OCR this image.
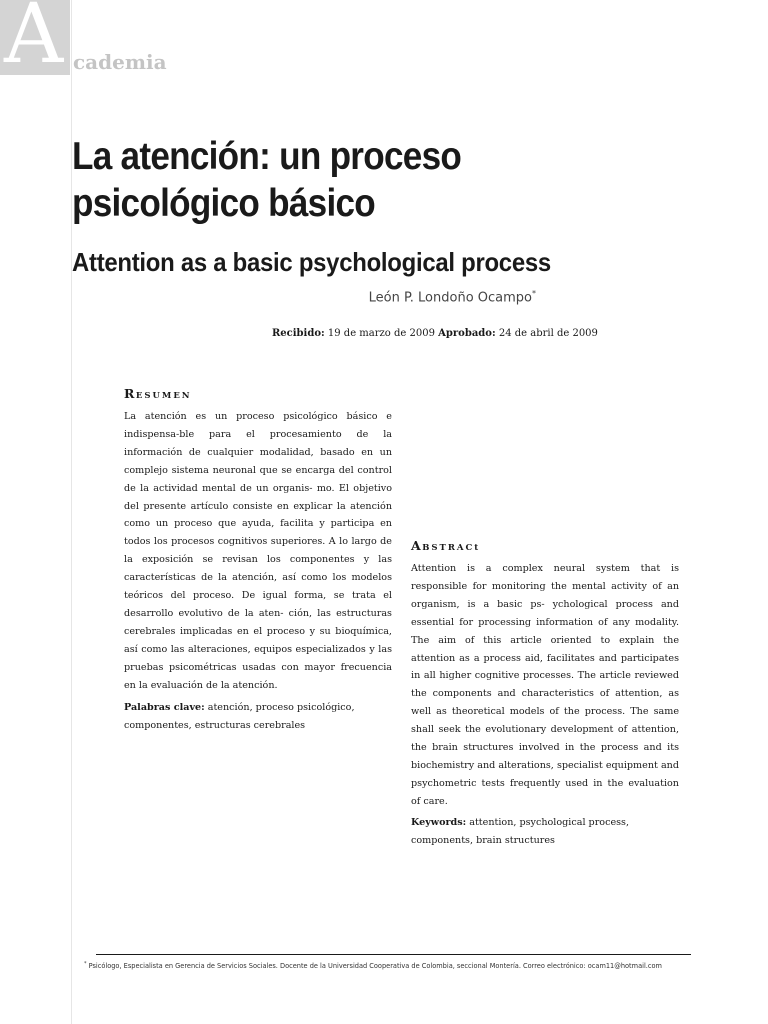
A cademia
La atención: un proceso psicológico básico
Attention as a basic psychological process
León P. Londoño Ocampo*
Recibido: 19 de marzo de 2009 Aprobado: 24 de abril de 2009
RESUMEN

La atención es un proceso psicológico básico e indispensa-ble para el procesamiento de la información de cualquier modalidad, basado en un complejo sistema neuronal que se encarga del control de la actividad mental de un organis- mo. El objetivo del presente artículo consiste en explicar la atención como un proceso que ayuda, facilita y participa en todos los procesos cognitivos superiores. A lo largo de la exposición se revisan los componentes y las características de la atención, así como los modelos teóricos del proceso. De igual forma, se trata el desarrollo evolutivo de la aten- ción, las estructuras cerebrales implicadas en el proceso y su bioquímica, así como las alteraciones, equipos especializados y las pruebas psicométricas usadas con mayor frecuencia en la evaluación de la atención.

Palabras clave: atención, proceso psicológico, componentes, estructuras cerebrales

ABSTRACt

Attention is a complex neural system that is responsible for monitoring the mental activity of an organism, is a basic ps- ychological process and essential for processing information of any modality. The aim of this article oriented to explain the attention as a process aid, facilitates and participates in all higher cognitive processes. The article reviewed the components and characteristics of attention, as well as theoretical models of the process. The same shall seek the evolutionary development of attention, the brain structures involved in the process and its biochemistry and alterations, specialist equipment and psychometric tests frequently used in the evaluation of care.

Keywords: attention, psychological process, components, brain structures

* Psicólogo, Especialista en Gerencia de Servicios Sociales. Docente de la Universidad Cooperativa de Colombia, seccional Montería. Correo electrónico: ocam11@hotmail.com
